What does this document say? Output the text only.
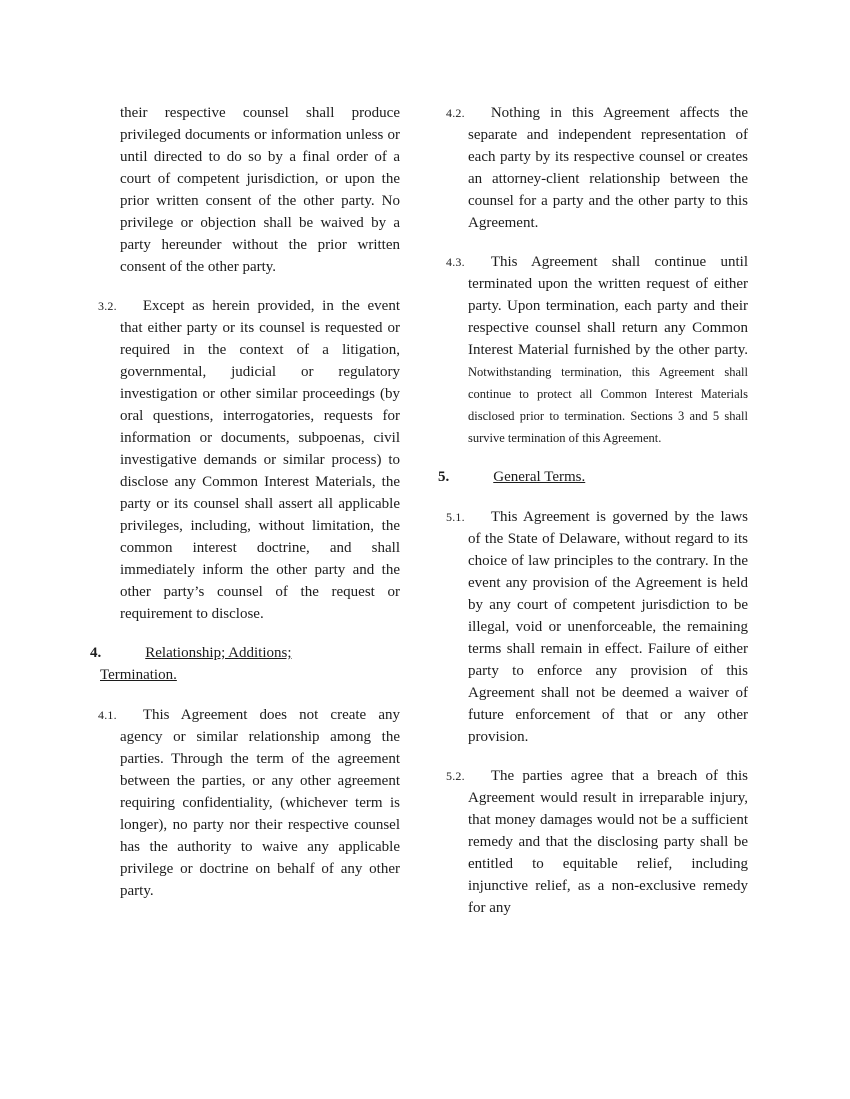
their respective counsel shall produce privileged documents or information unless or until directed to do so by a final order of a court of competent jurisdiction, or upon the prior written consent of the other party. No privilege or objection shall be waived by a party hereunder without the prior written consent of the other party.

3.2. Except as herein provided, in the event that either party or its counsel is requested or required in the context of a litigation, governmental, judicial or regulatory investigation or other similar proceedings (by oral questions, interrogatories, requests for information or documents, subpoenas, civil investigative demands or similar process) to disclose any Common Interest Materials, the party or its counsel shall assert all applicable privileges, including, without limitation, the common interest doctrine, and shall immediately inform the other party and the other party’s counsel of the request or requirement to disclose.

4.	Relationship; Additions;
Termination.

4.1. This Agreement does not create any agency or similar relationship among the parties. Through the term of the agreement between the parties, or any other agreement requiring confidentiality, (whichever term is longer), no party nor their respective counsel has the authority to waive any applicable privilege or doctrine on behalf of any other party.

4.2. Nothing in this Agreement affects the separate and independent representation of each party by its respective counsel or creates an attorney-client relationship between the counsel for a party and the other party to this Agreement.

4.3. This Agreement shall continue until terminated upon the written request of either party. Upon termination, each party and their respective counsel shall return any Common Interest Material furnished by the other party. Notwithstanding termination, this Agreement shall continue to protect all Common Interest Materials disclosed prior to termination. Sections 3 and 5 shall survive termination of this Agreement.

5.	General Terms.

5.1. This Agreement is governed by the laws of the State of Delaware, without regard to its choice of law principles to the contrary. In the event any provision of the Agreement is held by any court of competent jurisdiction to be illegal, void or unenforceable, the remaining terms shall remain in effect. Failure of either party to enforce any provision of this Agreement shall not be deemed a waiver of future enforcement of that or any other provision.

5.2. The parties agree that a breach of this Agreement would result in irreparable injury, that money damages would not be a sufficient remedy and that the disclosing party shall be entitled to equitable relief, including injunctive relief, as a non-exclusive remedy for any
